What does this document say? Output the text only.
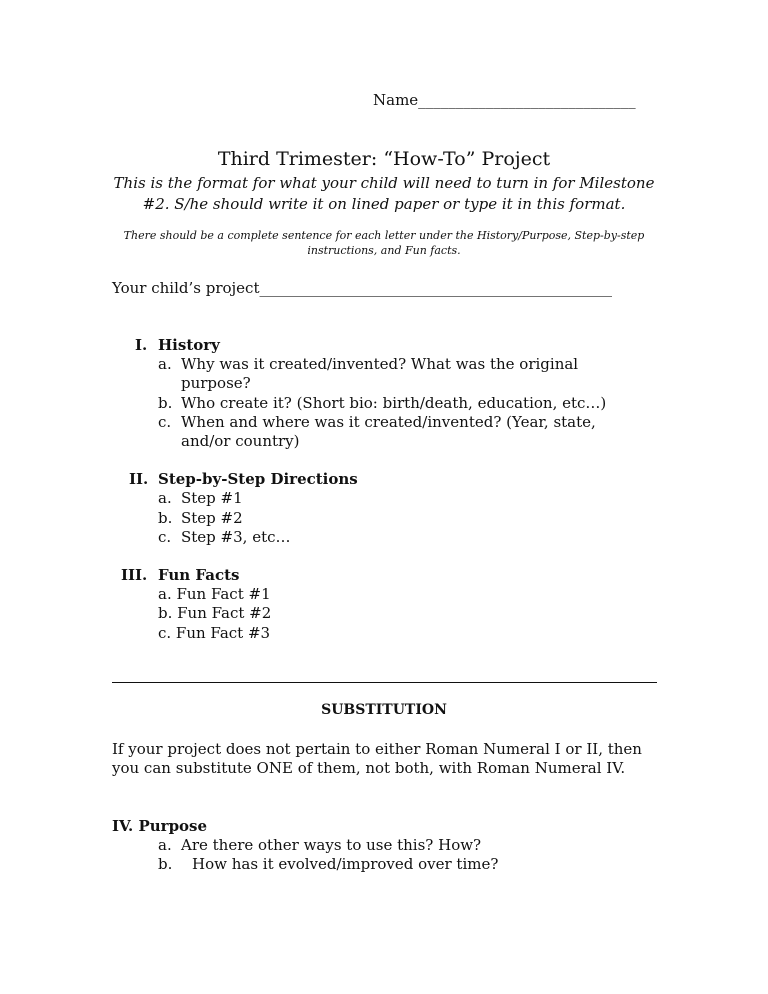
Name_____________________________
Third Trimester: “How-To” Project
This is the format for what your child will need to turn in for Milestone #2. S/he should write it on lined paper or type it in this format.
There should be a complete sentence for each letter under the History/Purpose, Step-by-step instructions, and Fun facts.
Your child’s project_______________________________________________
I. History
a. Why was it created/invented? What was the original
purpose?
b. Who create it? (Short bio: birth/death, education, etc…)
c. When and where was it created/invented? (Year, state,
and/or country)
II. Step-by-Step Directions
a. Step #1
b. Step #2
c. Step #3, etc…
III. Fun Facts
a. Fun Fact #1
b. Fun Fact #2
c. Fun Fact #3
SUBSTITUTION
If your project does not pertain to either Roman Numeral I or II, then you can substitute ONE of them, not both, with Roman Numeral IV.
IV. Purpose
a. Are there other ways to use this? How?
b. How has it evolved/improved over time?
